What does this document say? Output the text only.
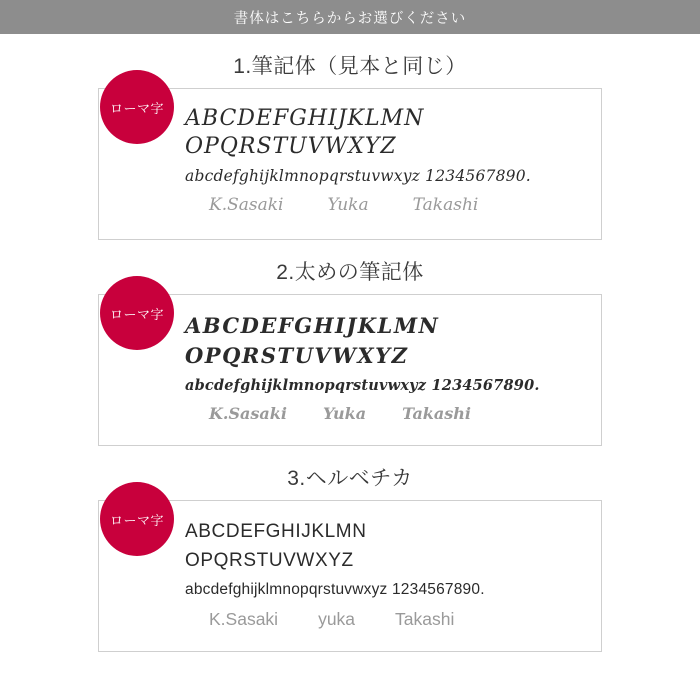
書体はこちらからお選びください
1.筆記体（見本と同じ）
ローマ字 ABCDEFGHIJKLMN
OPQRSTUVWXYZ
abcdefghijklmnopqrstuvwxyz 1234567890.
K.Sasaki	Yuka	Takashi
2.太めの筆記体
ローマ字 ABCDEFGHIJKLMN
OPQRSTUVWXYZ
abcdefghijklmnopqrstuvwxyz 1234567890.
K.Sasaki Yuka Takashi
3.ヘルベチカ
ローマ字
ABCDEFGHIJKLMN
OPQRSTUVWXYZ
abcdefghijklmnopqrstuvwxyz 1234567890.
K.Sasaki yuka Takashi
